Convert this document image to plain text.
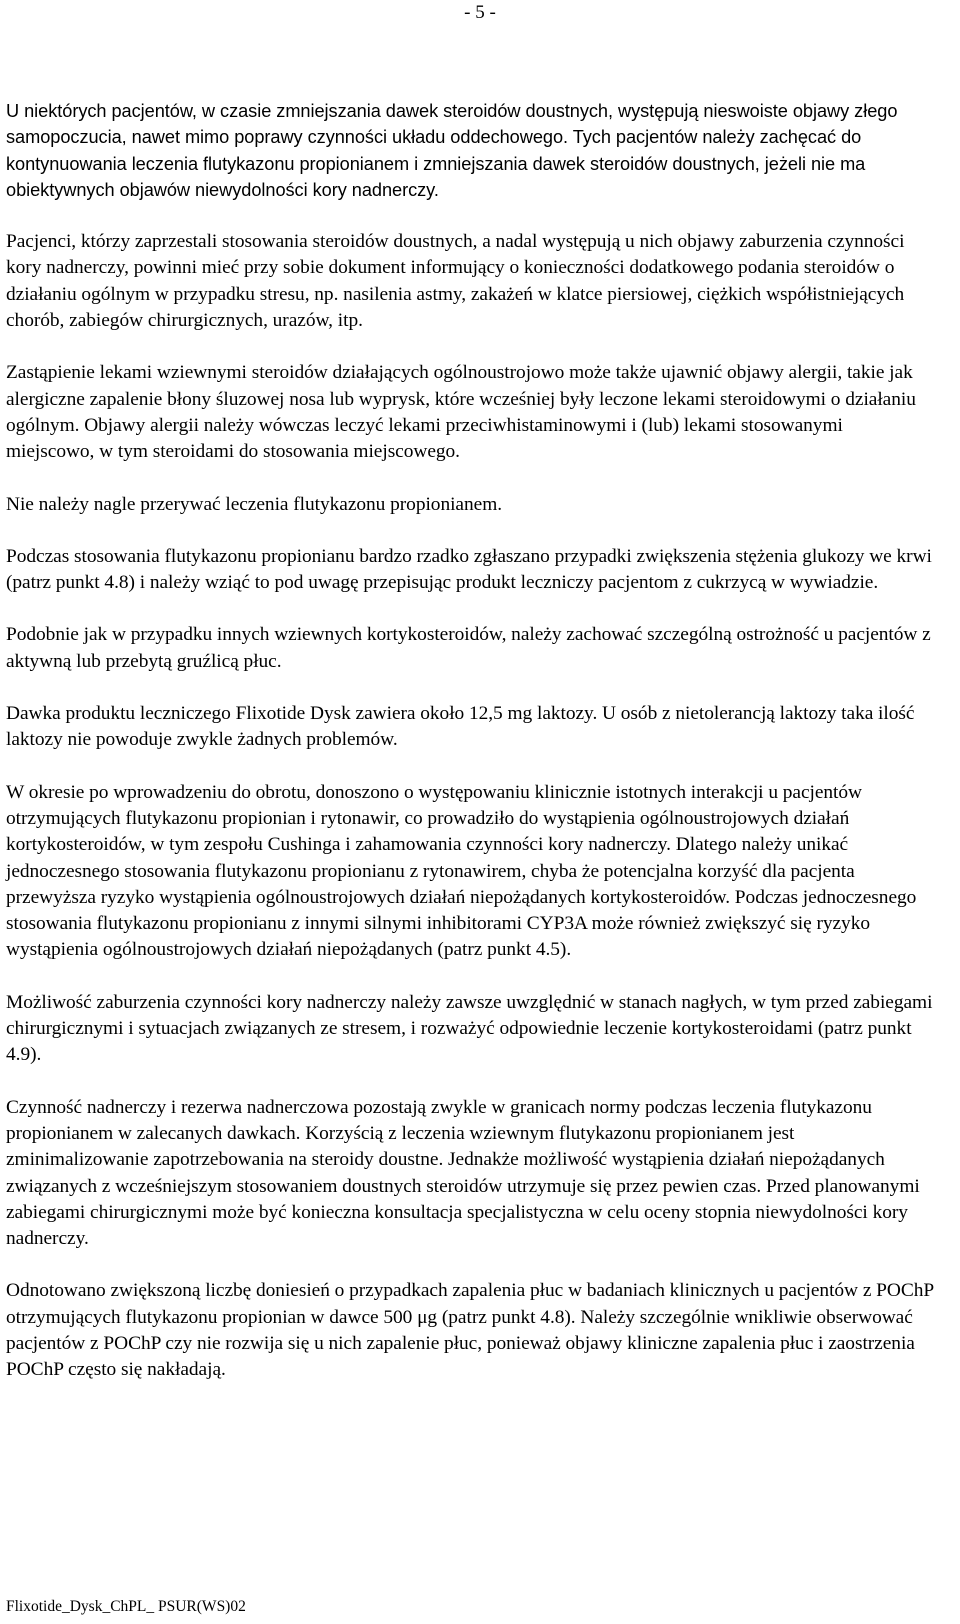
- 5 -

U niektórych pacjentów, w czasie zmniejszania dawek steroidów doustnych, występują nieswoiste objawy złego samopoczucia, nawet mimo poprawy czynności układu oddechowego. Tych pacjentów należy zachęcać do kontynuowania leczenia flutykazonu propionianem i zmniejszania dawek steroidów doustnych, jeżeli nie ma obiektywnych objawów niewydolności kory nadnerczy.

Pacjenci, którzy zaprzestali stosowania steroidów doustnych, a nadal występują u nich objawy zaburzenia czynności kory nadnerczy, powinni mieć przy sobie dokument informujący o konieczności dodatkowego podania steroidów o działaniu ogólnym w przypadku stresu, np. nasilenia astmy, zakażeń w klatce piersiowej, ciężkich współistniejących chorób, zabiegów chirurgicznych, urazów, itp.

Zastąpienie lekami wziewnymi steroidów działających ogólnoustrojowo może także ujawnić objawy alergii, takie jak alergiczne zapalenie błony śluzowej nosa lub wyprysk, które wcześniej były leczone lekami steroidowymi o działaniu ogólnym. Objawy alergii należy wówczas leczyć lekami przeciwhistaminowymi i (lub) lekami stosowanymi miejscowo, w tym steroidami do stosowania miejscowego.

Nie należy nagle przerywać leczenia flutykazonu propionianem.

Podczas stosowania flutykazonu propionianu bardzo rzadko zgłaszano przypadki zwiększenia stężenia glukozy we krwi (patrz punkt 4.8) i należy wziąć to pod uwagę przepisując produkt leczniczy pacjentom z cukrzycą w wywiadzie.

Podobnie jak w przypadku innych wziewnych kortykosteroidów, należy zachować szczególną ostrożność u pacjentów z aktywną lub przebytą gruźlicą płuc.

Dawka produktu leczniczego Flixotide Dysk zawiera około 12,5 mg laktozy. U osób z nietolerancją laktozy taka ilość laktozy nie powoduje zwykle żadnych problemów.

W okresie po wprowadzeniu do obrotu, donoszono o występowaniu klinicznie istotnych interakcji u pacjentów otrzymujących flutykazonu propionian i rytonawir, co prowadziło do wystąpienia ogólnoustrojowych działań kortykosteroidów, w tym zespołu Cushinga i zahamowania czynności kory nadnerczy. Dlatego należy unikać jednoczesnego stosowania flutykazonu propionianu z rytonawirem, chyba że potencjalna korzyść dla pacjenta przewyższa ryzyko wystąpienia ogólnoustrojowych działań niepożądanych kortykosteroidów. Podczas jednoczesnego stosowania flutykazonu propionianu z innymi silnymi inhibitorami CYP3A może również zwiększyć się ryzyko wystąpienia ogólnoustrojowych działań niepożądanych (patrz punkt 4.5).

Możliwość zaburzenia czynności kory nadnerczy należy zawsze uwzględnić w stanach nagłych, w tym przed zabiegami chirurgicznymi i sytuacjach związanych ze stresem, i rozważyć odpowiednie leczenie kortykosteroidami (patrz punkt 4.9).

Czynność nadnerczy i rezerwa nadnerczowa pozostają zwykle w granicach normy podczas leczenia flutykazonu propionianem w zalecanych dawkach. Korzyścią z leczenia wziewnym flutykazonu propionianem jest zminimalizowanie zapotrzebowania na steroidy doustne. Jednakże możliwość wystąpienia działań niepożądanych związanych z wcześniejszym stosowaniem doustnych steroidów utrzymuje się przez pewien czas. Przed planowanymi zabiegami chirurgicznymi może być konieczna konsultacja specjalistyczna w celu oceny stopnia niewydolności kory nadnerczy.

Odnotowano zwiększoną liczbę doniesień o przypadkach zapalenia płuc w badaniach klinicznych u pacjentów z POChP otrzymujących flutykazonu propionian w dawce 500 μg (patrz punkt 4.8). Należy szczególnie wnikliwie obserwować pacjentów z POChP czy nie rozwija się u nich zapalenie płuc, ponieważ objawy kliniczne zapalenia płuc i zaostrzenia POChP często się nakładają.

Flixotide_Dysk_ChPL_ PSUR(WS)02
